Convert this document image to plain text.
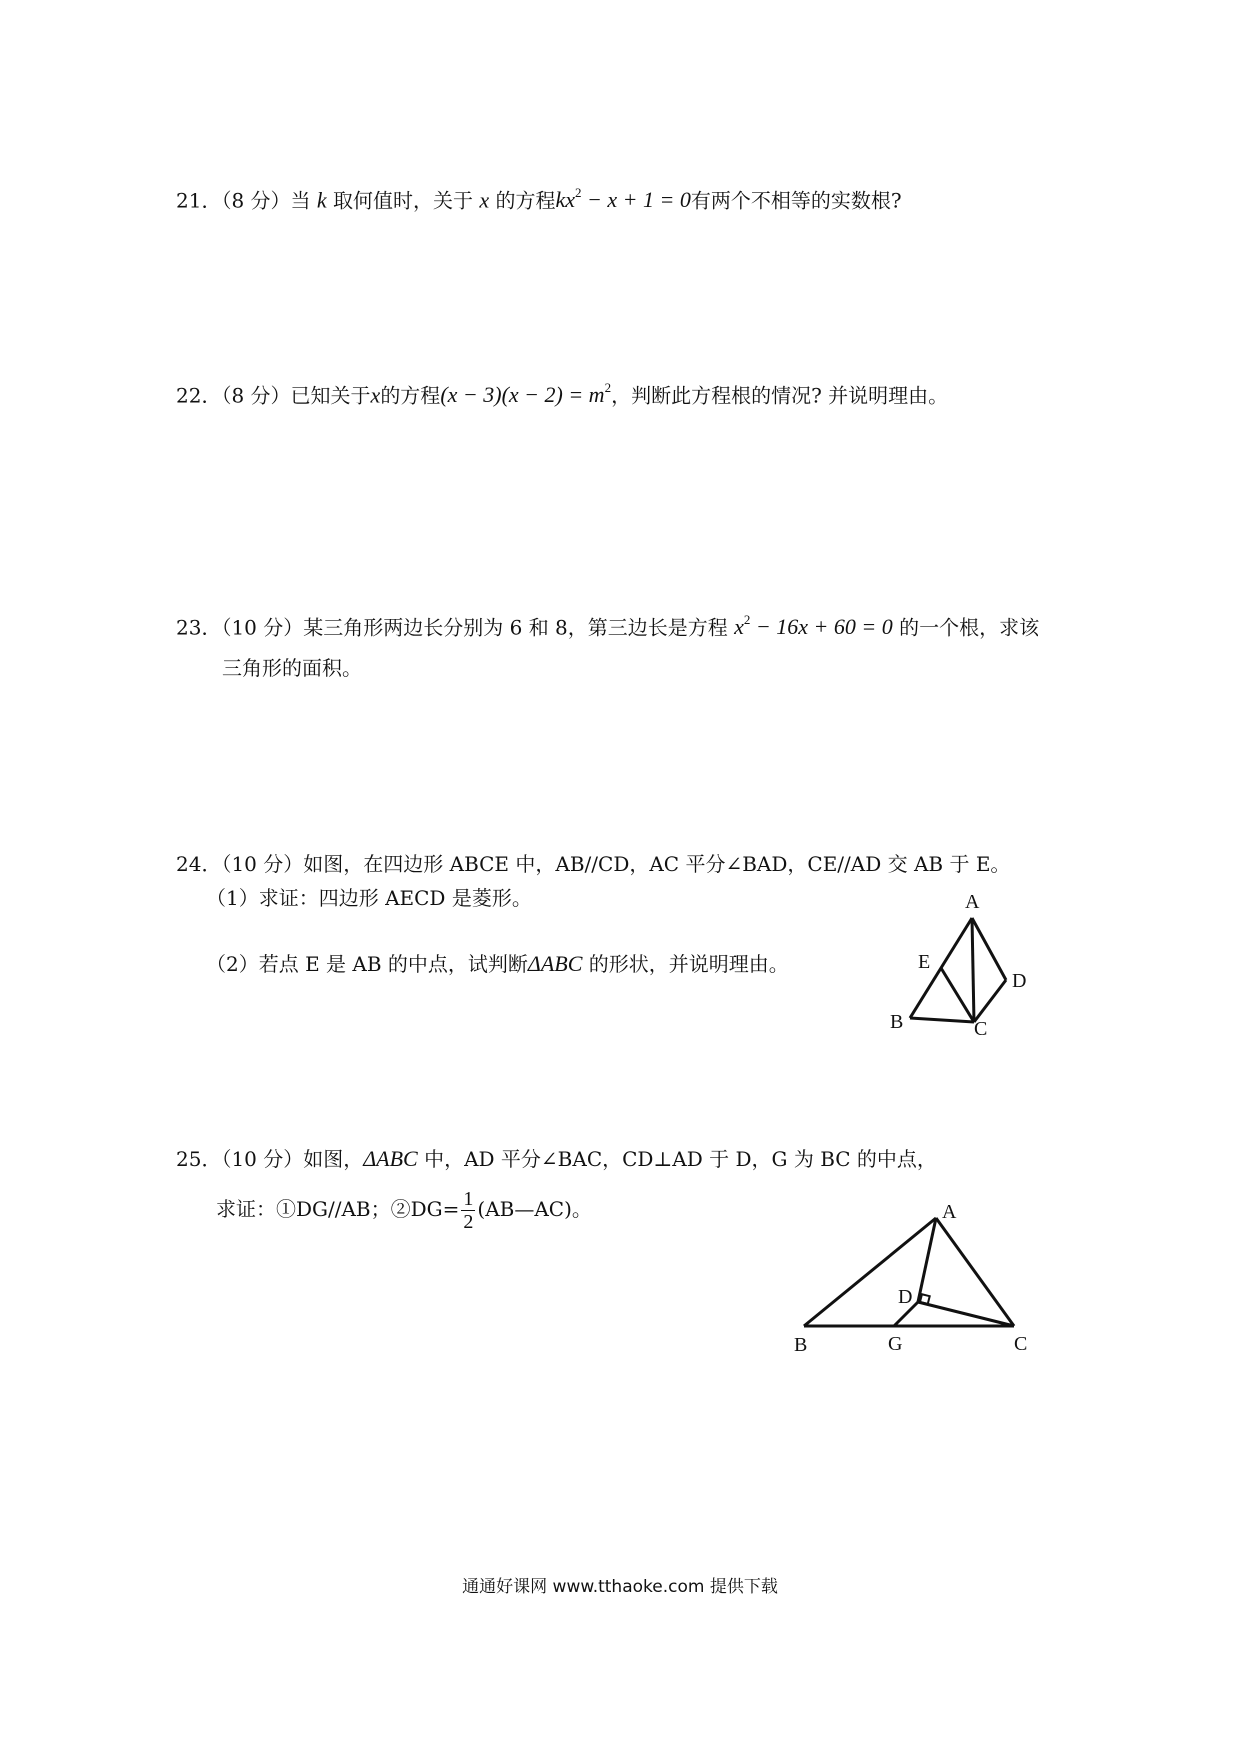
21．（8 分）当 k 取何值时，关于 x 的方程$kx^2 - x + 1 = 0$有两个不相等的实数根?
22．（8 分）已知关于x的方程$(x - 3)(x - 2) = m^2$，判断此方程根的情况? 并说明理由。
23．（10 分）某三角形两边长分别为 6 和 8，第三边长是方程 $x^2 - 16x + 60 = 0$ 的一个根，求该
三角形的面积。
24．（10 分）如图，在四边形 ABCE 中，AB//CD，AC 平分∠BAD，CE//AD 交 AB 于 E。
（1）求证：四边形 AECD 是菱形。
（2）若点 E 是 AB 的中点，试判断ΔABC 的形状，并说明理由。
A
E
D
B	C
25．（10 分）如图，ΔABC 中，AD 平分∠BAC，CD⊥AD 于 D，G 为 BC 的中点，
求证：①DG//AB；②DG= $\frac{1}{2}$ (AB—AC)。	A
D
B	G	C
通通好课网 www.tthaoke.com 提供下载
